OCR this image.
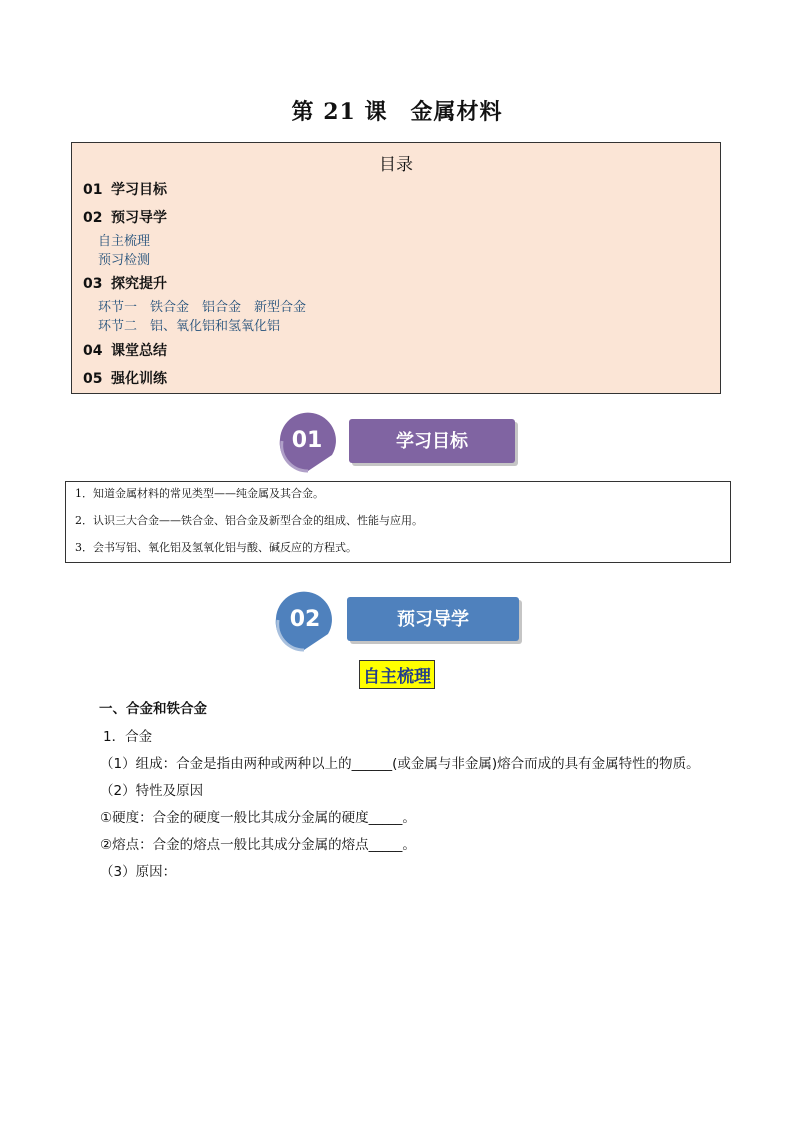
第 21 课　金属材料
目录
01 学习目标
02 预习导学
自主梳理
预习检测
03 探究提升
环节一　铁合金　铝合金　新型合金
环节二　铝、氧化铝和氢氧化铝
04 课堂总结
05 强化训练
学习目标
01
1．知道金属材料的常见类型——纯金属及其合金。
2．认识三大合金——铁合金、铝合金及新型合金的组成、性能与应用。
3．会书写铝、氧化铝及氢氧化铝与酸、碱反应的方程式。
预习导学
02
自主梳理
一、合金和铁合金
1．合金
（1）组成：合金是指由两种或两种以上的______(或金属与非金属)熔合而成的具有金属特性的物质。
（2）特性及原因
①硬度：合金的硬度一般比其成分金属的硬度_____。
②熔点：合金的熔点一般比其成分金属的熔点_____。
（3）原因：
